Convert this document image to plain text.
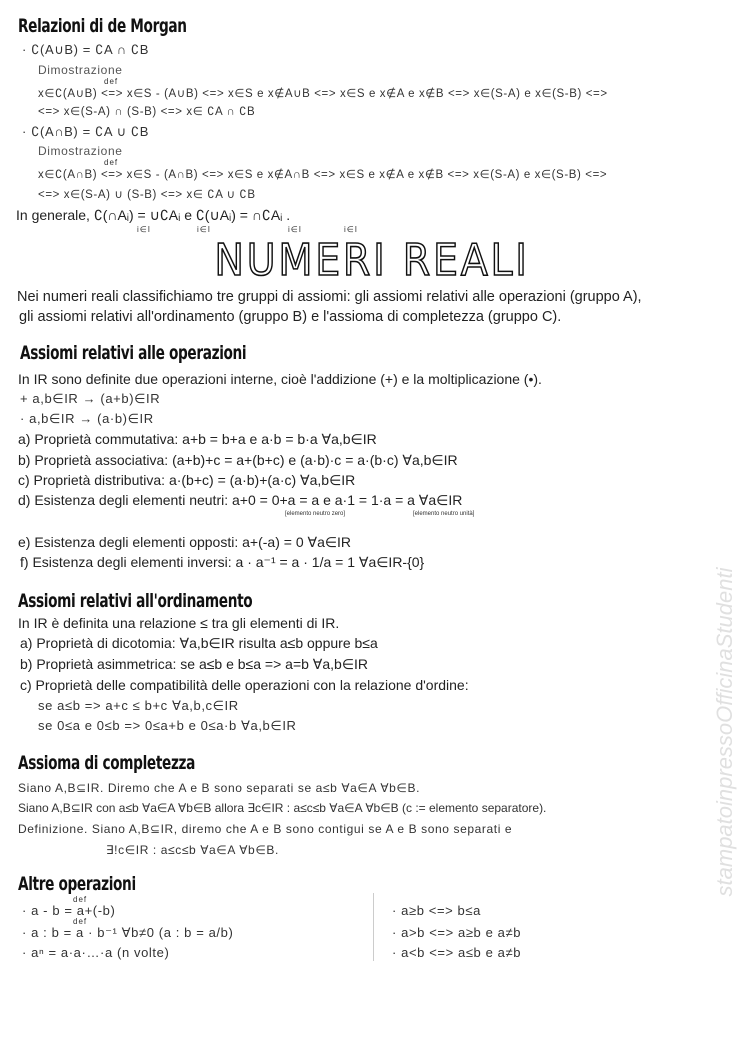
stampatoinpressoOfficinaStudenti
Relazioni di de Morgan
· ∁(A∪B) = ∁A ∩ ∁B
Dimostrazione
def
x∈∁(A∪B) <=> x∈S - (A∪B) <=> x∈S e x∉A∪B <=> x∈S e x∉A e x∉B <=> x∈(S-A) e x∈(S-B) <=>
<=> x∈(S-A) ∩ (S-B) <=> x∈ ∁A ∩ ∁B
· ∁(A∩B) = ∁A ∪ ∁B
Dimostrazione
def
x∈∁(A∩B) <=> x∈S - (A∩B) <=> x∈S e x∉A∩B <=> x∈S e x∉A e x∉B <=> x∈(S-A) e x∈(S-B) <=>
<=> x∈(S-A) ∪ (S-B) <=> x∈ ∁A ∪ ∁B
In generale, ∁(∩Aᵢ) = ∪∁Aᵢ e ∁(∪Aᵢ) = ∩∁Aᵢ .
i∈I	i∈I	i∈I	i∈I
NUMERI REALI
Nei numeri reali classifichiamo tre gruppi di assiomi: gli assiomi relativi alle operazioni (gruppo A),
gli assiomi relativi all'ordinamento (gruppo B) e l'assioma di completezza (gruppo C).
Assiomi relativi alle operazioni
In IR sono definite due operazioni interne, cioè l'addizione (+) e la moltiplicazione (•).
+ a,b∈IR → (a+b)∈IR
· a,b∈IR → (a·b)∈IR
a) Proprietà commutativa: a+b = b+a e a·b = b·a ∀a,b∈IR
b) Proprietà associativa: (a+b)+c = a+(b+c) e (a·b)·c = a·(b·c) ∀a,b∈IR
c) Proprietà distributiva: a·(b+c) = (a·b)+(a·c) ∀a,b∈IR
d) Esistenza degli elementi neutri: a+0 = 0+a = a e a·1 = 1·a = a ∀a∈IR
[elemento neutro zero]	[elemento neutro unità]
e) Esistenza degli elementi opposti: a+(-a) = 0 ∀a∈IR
f) Esistenza degli elementi inversi: a · a⁻¹ = a · 1/a = 1 ∀a∈IR-{0}
Assiomi relativi all'ordinamento
In IR è definita una relazione ≤ tra gli elementi di IR.
a) Proprietà di dicotomia: ∀a,b∈IR risulta a≤b oppure b≤a
b) Proprietà asimmetrica: se a≤b e b≤a => a=b ∀a,b∈IR
c) Proprietà delle compatibilità delle operazioni con la relazione d'ordine:
se a≤b => a+c ≤ b+c ∀a,b,c∈IR
se 0≤a e 0≤b => 0≤a+b e 0≤a·b ∀a,b∈IR
Assioma di completezza
Siano A,B⊆IR. Diremo che A e B sono separati se a≤b ∀a∈A ∀b∈B.
Siano A,B⊆IR con a≤b ∀a∈A ∀b∈B allora ∃c∈IR : a≤c≤b ∀a∈A ∀b∈B (c := elemento separatore).
Definizione. Siano A,B⊆IR, diremo che A e B sono contigui se A e B sono separati e
∃!c∈IR : a≤c≤b ∀a∈A ∀b∈B.
Altre operazioni
def
def
· a - b = a+(-b)
· a : b = a · b⁻¹ ∀b≠0 (a : b = a/b)
· aⁿ = a·a·…·a (n volte)
· a≥b <=> b≤a
· a>b <=> a≥b e a≠b
· a<b <=> a≤b e a≠b
